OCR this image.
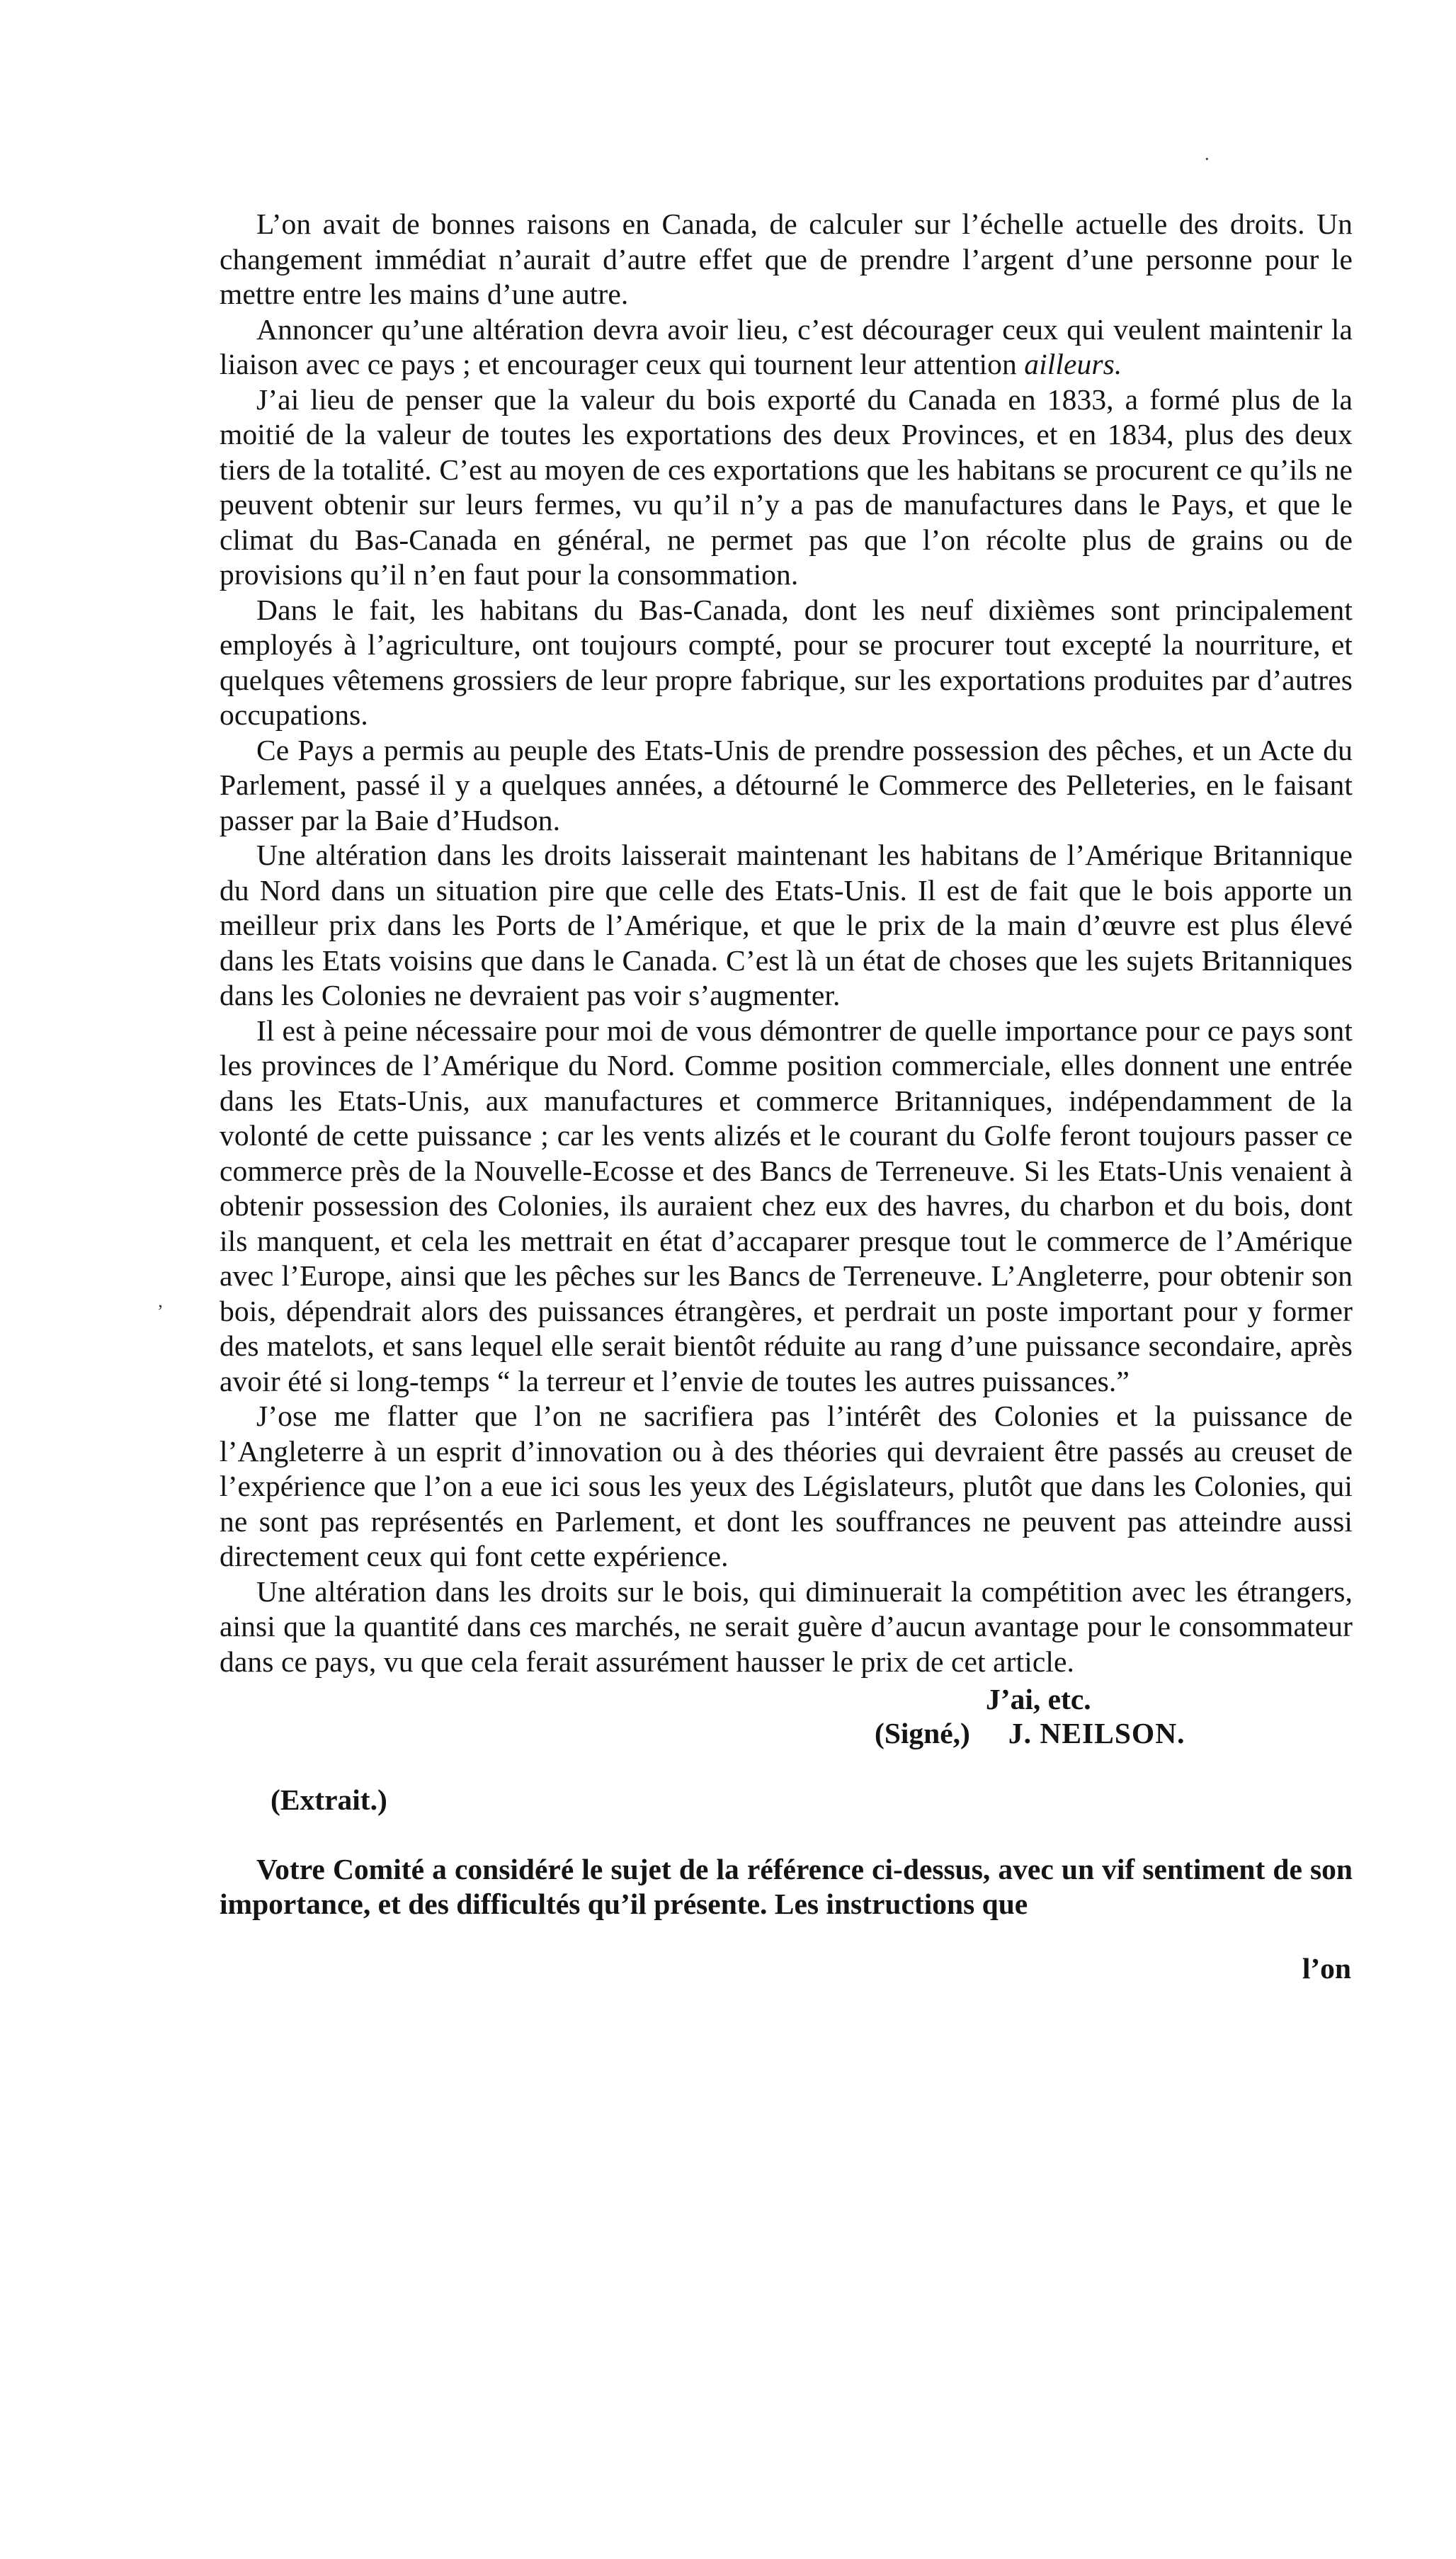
L’on avait de bonnes raisons en Canada, de calculer sur l’échelle actuelle des droits. Un changement immédiat n’aurait d’autre effet que de prendre l’argent d’une personne pour le mettre entre les mains d’une autre.

Annoncer qu’une altération devra avoir lieu, c’est décourager ceux qui veulent maintenir la liaison avec ce pays ; et encourager ceux qui tournent leur attention ailleurs.

J’ai lieu de penser que la valeur du bois exporté du Canada en 1833, a formé plus de la moitié de la valeur de toutes les exportations des deux Provinces, et en 1834, plus des deux tiers de la totalité. C’est au moyen de ces exportations que les habitans se procurent ce qu’ils ne peuvent obtenir sur leurs fermes, vu qu’il n’y a pas de manufactures dans le Pays, et que le climat du Bas-Canada en général, ne permet pas que l’on récolte plus de grains ou de provisions qu’il n’en faut pour la consommation.

Dans le fait, les habitans du Bas-Canada, dont les neuf dixièmes sont principalement employés à l’agriculture, ont toujours compté, pour se procurer tout excepté la nourriture, et quelques vêtemens grossiers de leur propre fabrique, sur les exportations produites par d’autres occupations.

Ce Pays a permis au peuple des Etats-Unis de prendre possession des pêches, et un Acte du Parlement, passé il y a quelques années, a détourné le Commerce des Pelleteries, en le faisant passer par la Baie d’Hudson.

Une altération dans les droits laisserait maintenant les habitans de l’Amérique Britannique du Nord dans un situation pire que celle des Etats-Unis. Il est de fait que le bois apporte un meilleur prix dans les Ports de l’Amérique, et que le prix de la main d’œuvre est plus élevé dans les Etats voisins que dans le Canada. C’est là un état de choses que les sujets Britanniques dans les Colonies ne devraient pas voir s’augmenter.

Il est à peine nécessaire pour moi de vous démontrer de quelle importance pour ce pays sont les provinces de l’Amérique du Nord. Comme position commerciale, elles donnent une entrée dans les Etats-Unis, aux manufactures et commerce Britanniques, indépendamment de la volonté de cette puissance ; car les vents alizés et le courant du Golfe feront toujours passer ce commerce près de la Nouvelle-Ecosse et des Bancs de Terreneuve. Si les Etats-Unis venaient à obtenir possession des Colonies, ils auraient chez eux des havres, du charbon et du bois, dont ils manquent, et cela les mettrait en état d’accaparer presque tout le commerce de l’Amérique avec l’Europe, ainsi que les pêches sur les Bancs de Terreneuve. L’Angleterre, pour obtenir son bois, dépendrait alors des puissances étrangères, et perdrait un poste important pour y former des matelots, et sans lequel elle serait bientôt réduite au rang d’une puissance secondaire, après avoir été si long-temps “ la terreur et l’envie de toutes les autres puissances.”

J’ose me flatter que l’on ne sacrifiera pas l’intérêt des Colonies et la puissance de l’Angleterre à un esprit d’innovation ou à des théories qui devraient être passés au creuset de l’expérience que l’on a eue ici sous les yeux des Législateurs, plutôt que dans les Colonies, qui ne sont pas représentés en Parlement, et dont les souffrances ne peuvent pas atteindre aussi directement ceux qui font cette expérience.

Une altération dans les droits sur le bois, qui diminuerait la compétition avec les étrangers, ainsi que la quantité dans ces marchés, ne serait guère d’aucun avantage pour le consommateur dans ce pays, vu que cela ferait assurément hausser le prix de cet article.

J’ai, etc.
(Signé,) J. NEILSON.
(Extrait.)

Votre Comité a considéré le sujet de la référence ci-dessus, avec un vif sentiment de son importance, et des difficultés qu’il présente. Les instructions que

l’on
·
‚
